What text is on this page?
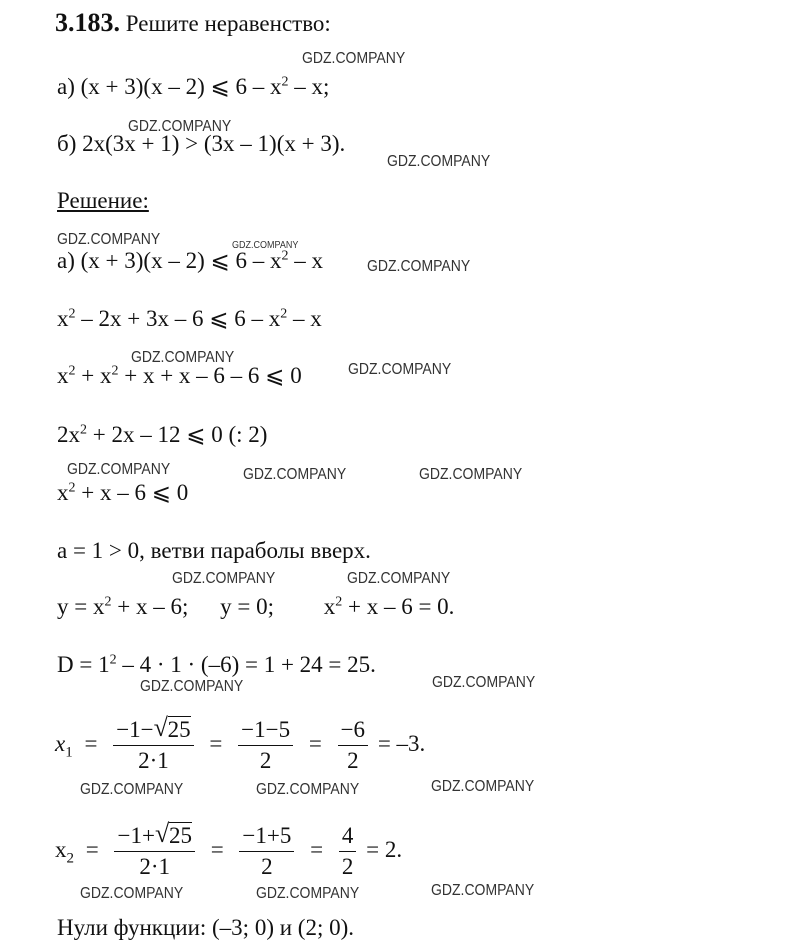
3.183. Решите неравенство:
а) (x + 3)(x – 2) ⩽ $6 - x^2$ – x;
б) 2x(3x + 1) > (3x – 1)(x + 3).
Решение:
а) (x + 3)(x – 2) ⩽ $6 - x^2$ – x
$x^2 - 2x + 3x - 6$ ⩽ $6 - x^2$ – x
$x^2 + x^2 + x + x - 6 - 6$ ⩽ 0
$2x^2 + 2x - 12$ ⩽ 0 (: 2)
$x^2 + x - 6$ ⩽ 0
a = 1 > 0, ветви параболы вверх.
$y = x^2 + x - 6$; y = 0; $x^2 + x - 6 = 0$.
$D = 1^2 - 4 \cdot 1 \cdot (-6) = 1 + 24 = 25$.
$x_1 = \frac{-1- √ 25}{2\cdot 1} = \frac{-1-5}{2} = \frac{-6}{2} = -3$.
$x_2 = \frac{-1+ √ 25}{2\cdot 1} = \frac{-1+5}{2} = \frac{4}{2} = 2$.
Нули функции: (–3; 0) и (2; 0).
GDZ.COMPANY
GDZ.COMPANY
GDZ.COMPANY
GDZ.COMPANY	GDZ.COMPANY
GDZ.COMPANY
GDZ.COMPANY
GDZ.COMPANY
GDZ.COMPANY	GDZ.COMPANY	GDZ.COMPANY
GDZ.COMPANY	GDZ.COMPANY
GDZ.COMPANY	GDZ.COMPANY
GDZ.COMPANY	GDZ.COMPANY	GDZ.COMPANY
GDZ.COMPANY	GDZ.COMPANY	GDZ.COMPANY
